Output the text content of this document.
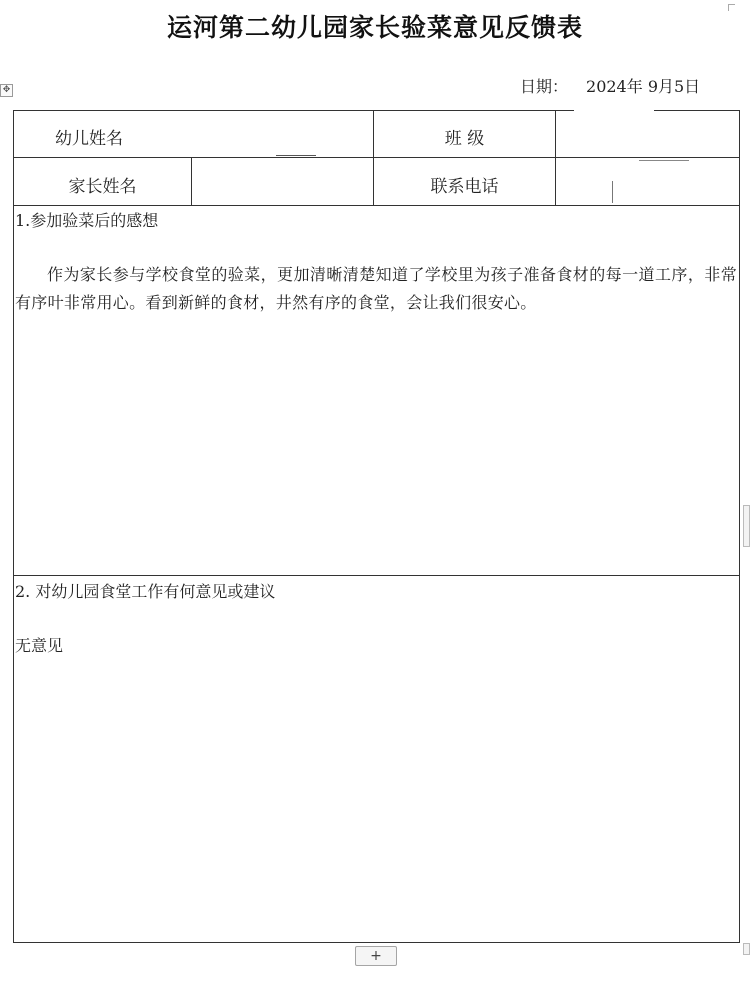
运河第二幼儿园家长验菜意见反馈表
日期： 2024年 9月5日
✥
幼儿姓名	班 级
家长姓名	联系电话
1.参加验菜后的感想
作为家长参与学校食堂的验菜，更加清晰清楚知道了学校里为孩子准备食材的每一道工序，非常有序叶非常用心。看到新鲜的食材，井然有序的食堂，会让我们很安心。
2. 对幼儿园食堂工作有何意见或建议
无意见
+
